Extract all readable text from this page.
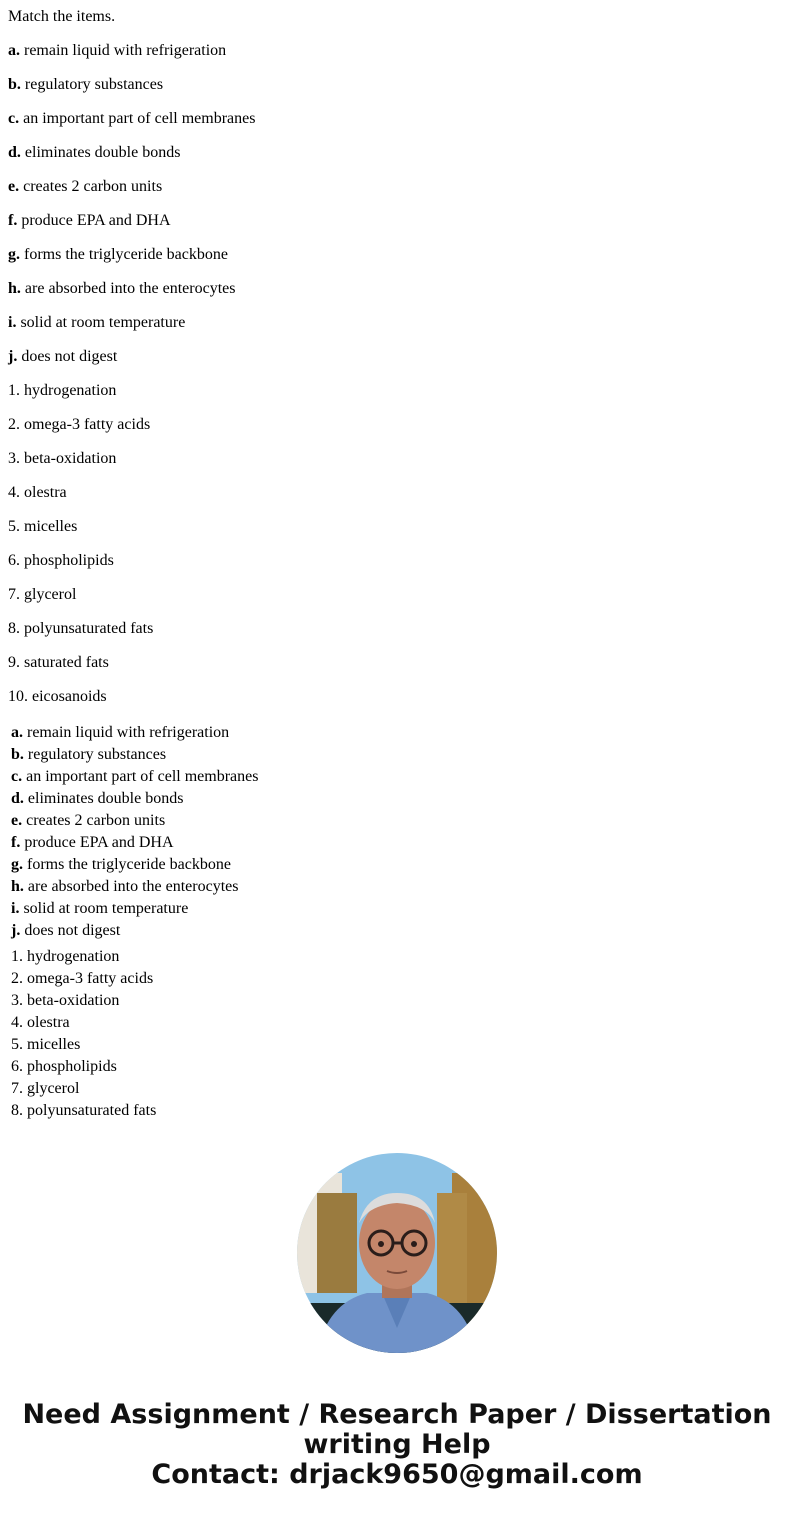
Match the items.

a. remain liquid with refrigeration
b. regulatory substances
c. an important part of cell membranes
d. eliminates double bonds
e. creates 2 carbon units
f. produce EPA and DHA
g. forms the triglyceride backbone
h. are absorbed into the enterocytes
i. solid at room temperature
j. does not digest
1. hydrogenation
2. omega-3 fatty acids
3. beta-oxidation
4. olestra
5. micelles
6. phospholipids
7. glycerol
8. polyunsaturated fats
9. saturated fats
10. eicosanoids
a. remain liquid with refrigeration
b. regulatory substances
c. an important part of cell membranes
d. eliminates double bonds
e. creates 2 carbon units
f. produce EPA and DHA
g. forms the triglyceride backbone
h. are absorbed into the enterocytes
i. solid at room temperature
j. does not digest
1. hydrogenation
2. omega-3 fatty acids
3. beta-oxidation
4. olestra
5. micelles
6. phospholipids
7. glycerol
8. polyunsaturated fats
Need Assignment / Research Paper / Dissertation
writing Help
Contact: drjack9650@gmail.com
